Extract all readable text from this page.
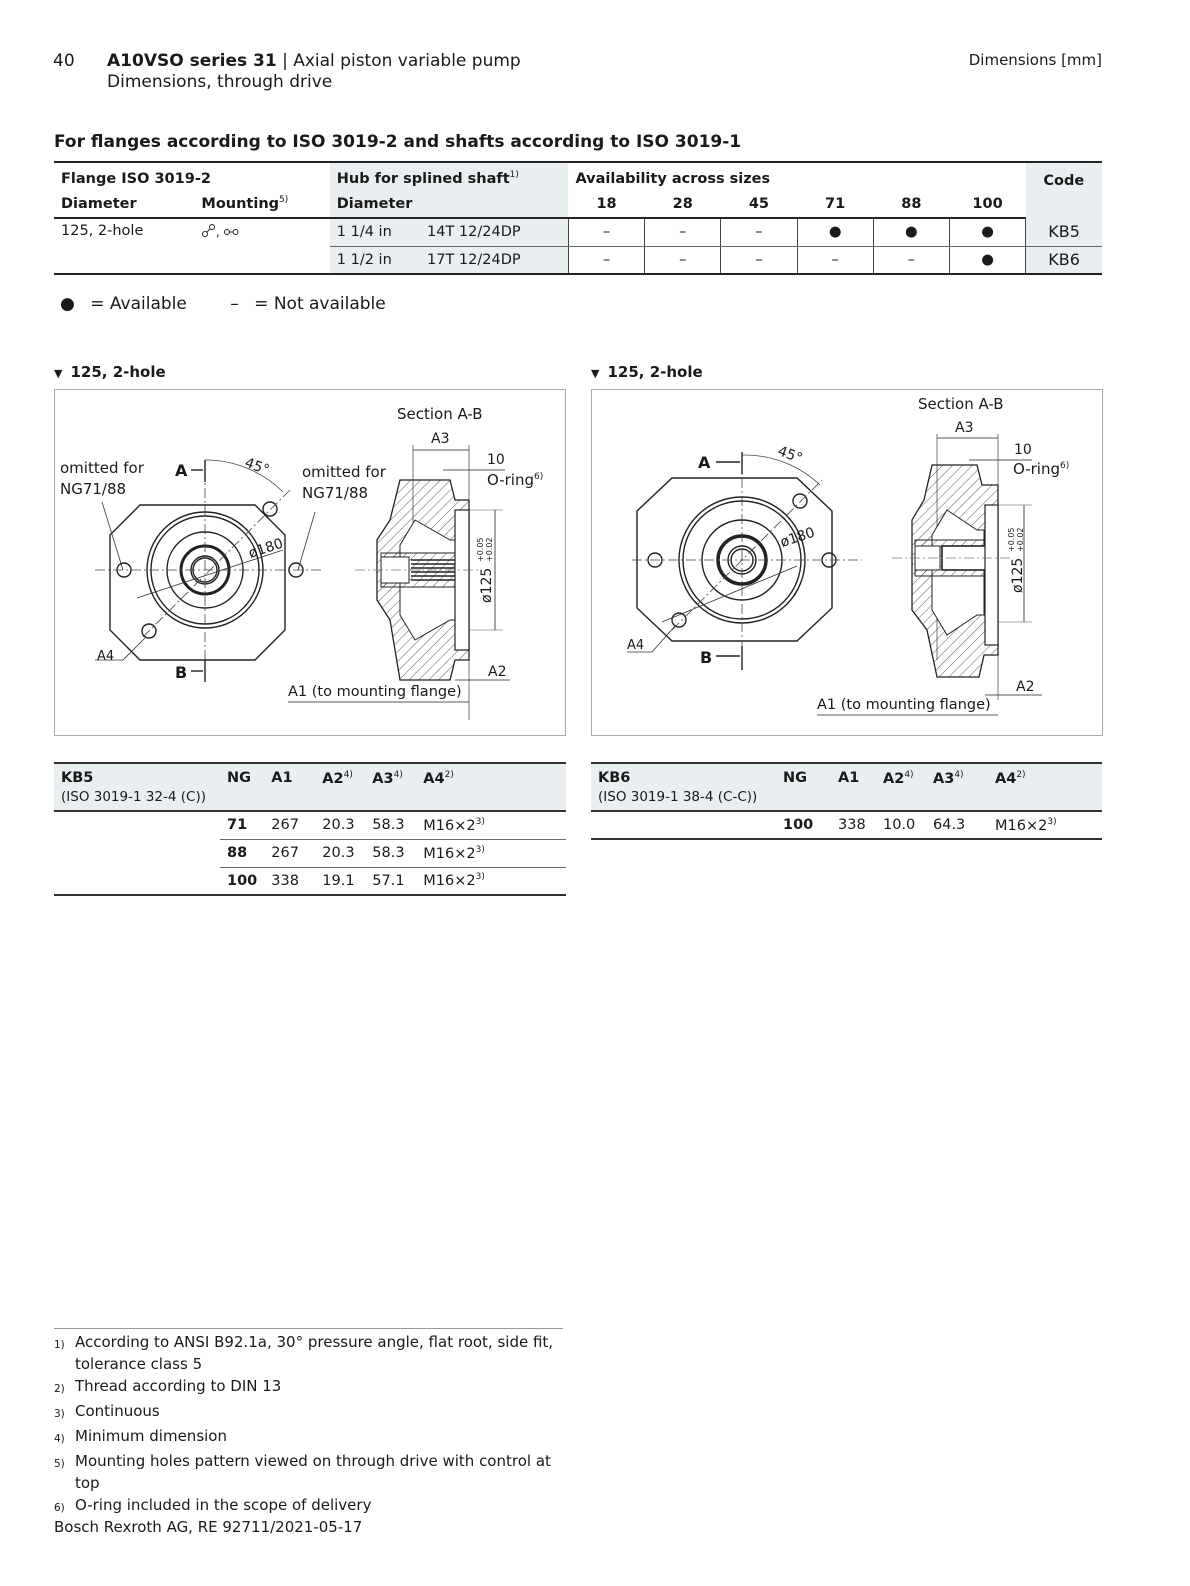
40 A10VSO series 31 | Axial piston variable pump
Dimensions, through drive
Dimensions [mm]
For flanges according to ISO 3019-2 and shafts according to ISO 3019-1
Flange ISO 3019-2		Hub for splined shaft$^{1)}$		Availability across sizes						Code
Diameter	Mounting$^{5)}$	Diameter		18	28	45	71	88	100	
125, 2-hole	,	1 1/4 in	14T 12/24DP	–	–	–	●	●	●	KB5
		1 1/2 in	17T 12/24DP	–	–	–	–	–	●	KB6
● = Available	– = Not available
▼ 125, 2-hole	▼ 125, 2-hole
omitted for
NG71/88
omitted for
NG71/88
A
B
45°
ø180
A4
Section A-B
A3
10
O-ring$^{6)}$
ø125
+0.05 +0.02
A2
A1 (to mounting flange)
A
B
45°
ø180
A4
Section A-B
A3
10
O-ring$^{6)}$
ø125
+0.05 +0.02
A2
A1 (to mounting flange)
KB5	NG	A1	A2$^{4)}$	A3$^{4)}$	A4$^{2)}$
(ISO 3019-1 32-4 (C))					
	71	267	20.3	58.3	$M16\times 2^{3)}$
	88	267	20.3	58.3	$M16\times 2^{3)}$
	100	338	19.1	57.1	$M16\times 2^{3)}$
KB6	NG	A1	A2$^{4)}$	A3$^{4)}$	A4$^{2)}$
(ISO 3019-1 38-4 (C-C))					
	100	338	10.0	64.3	$M16\times 2^{3)}$
1) According to ANSI B92.1a, 30° pressure angle, flat root, side fit, tolerance class 5
2) Thread according to DIN 13
3) Continuous
4) Minimum dimension
5) Mounting holes pattern viewed on through drive with control at top
6) O-ring included in the scope of delivery
Bosch Rexroth AG, RE 92711/2021-05-17
